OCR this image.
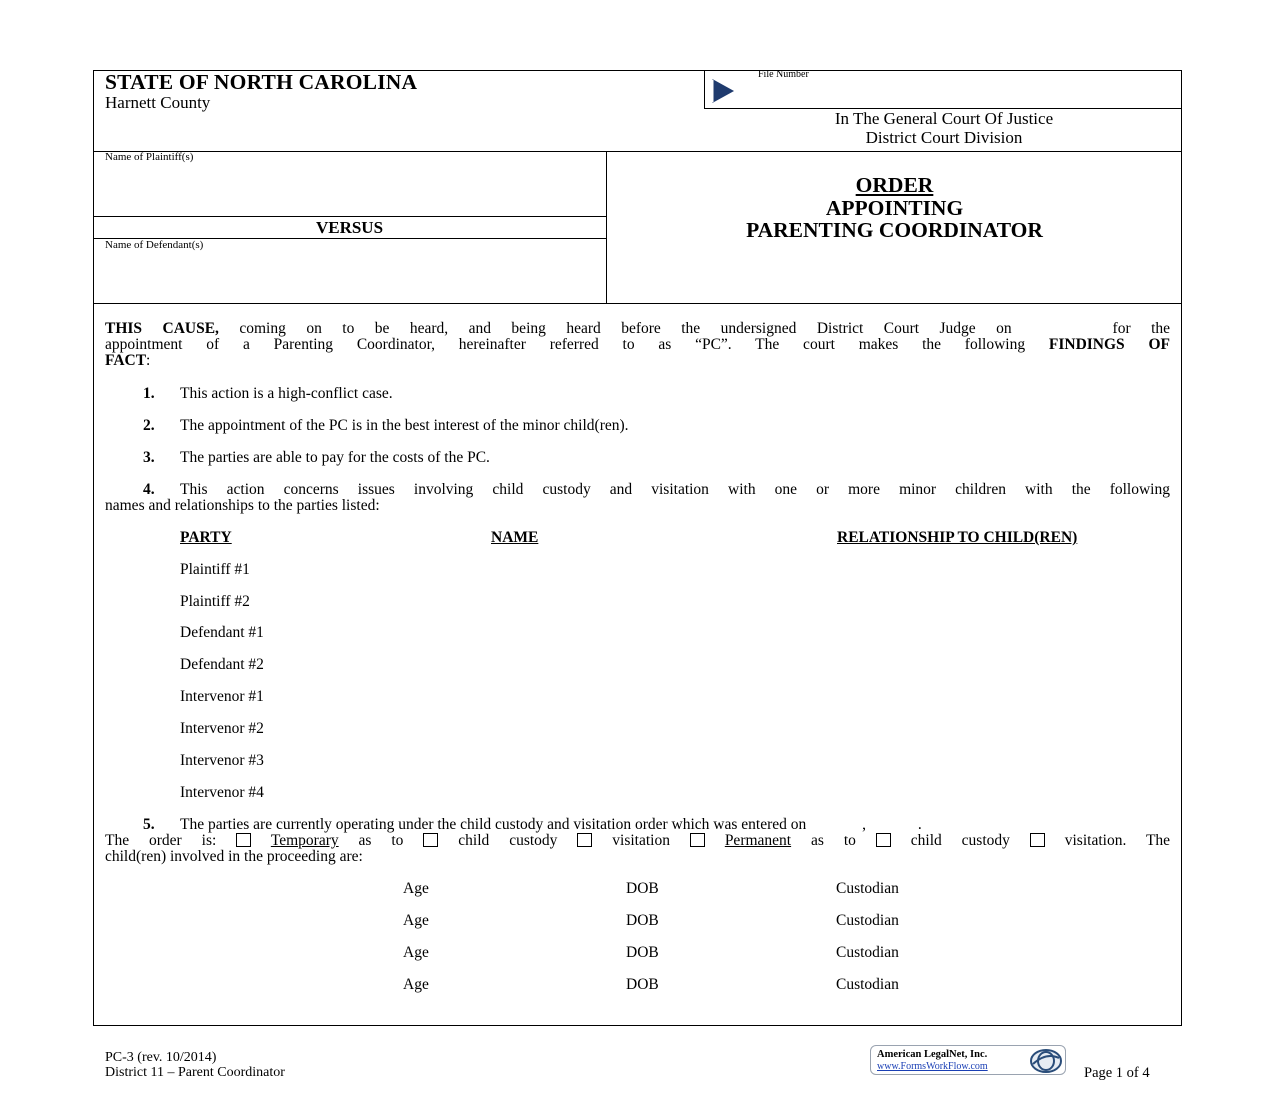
STATE OF NORTH CAROLINA
Harnett County
File Number
In The General Court Of Justice
District Court Division
Name of Plaintiff(s)
VERSUS
Name of Defendant(s)
ORDER
APPOINTING
PARENTING COORDINATOR
THIS CAUSE, coming on to be heard, and being heard before the undersigned District Court Judge on	for the
appointment of a Parenting Coordinator, hereinafter referred to as “PC”. The court makes the following FINDINGS OF
FACT:
1. This action is a high-conflict case.
2. The appointment of the PC is in the best interest of the minor child(ren).
3. The parties are able to pay for the costs of the PC.
4. This action concerns issues involving child custody and visitation with one or more minor children with the following
names and relationships to the parties listed:
PARTY	NAME	RELATIONSHIP TO CHILD(REN)
Plaintiff #1
Plaintiff #2
Defendant #1
Defendant #2
Intervenor #1
Intervenor #2
Intervenor #3
Intervenor #4
5. The parties are currently operating under the child custody and visitation order which was entered on	,	.
The order is:	Temporary as to	child custody	visitation	Permanent as to	child custody	visitation. The
child(ren) involved in the proceeding are:
Age	DOB	Custodian
Age	DOB	Custodian
Age	DOB	Custodian
Age	DOB	Custodian
PC-3 (rev. 10/2014)
District 11 – Parent Coordinator
American LegalNet, Inc.
www.FormsWorkFlow.com	Page 1 of 4
